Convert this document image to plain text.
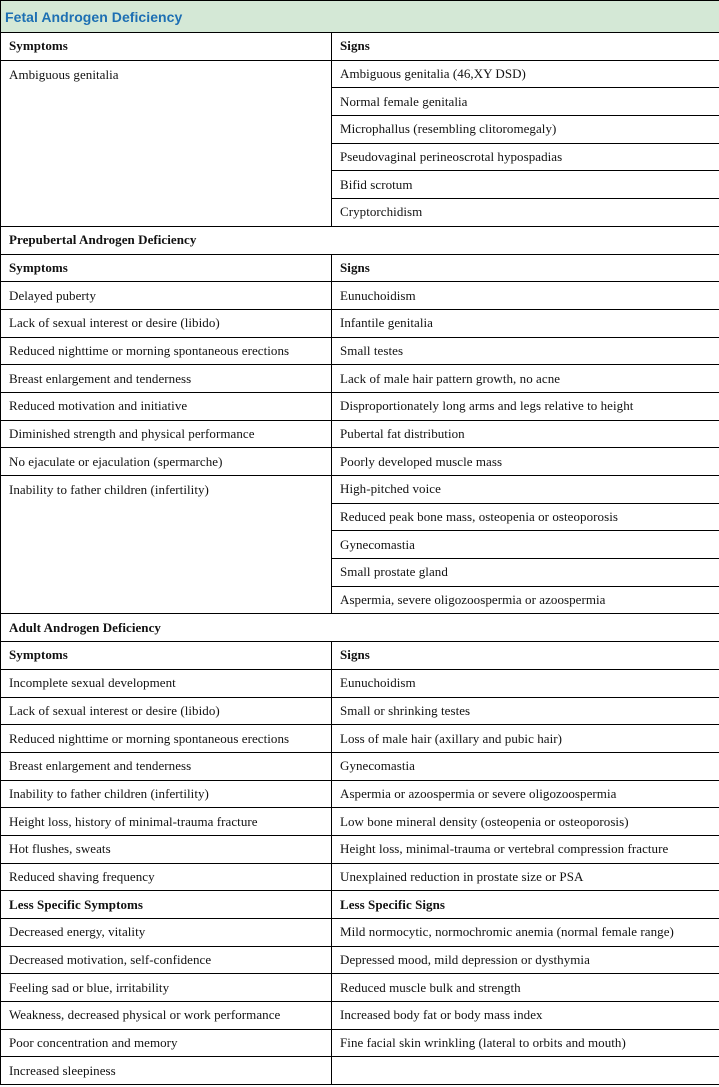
Fetal Androgen Deficiency	
Symptoms	Signs
Ambiguous genitalia	Ambiguous genitalia (46,XY DSD)
	Normal female genitalia
	Microphallus (resembling clitoromegaly)
	Pseudovaginal perineoscrotal hypospadias
	Bifid scrotum
	Cryptorchidism
Prepubertal Androgen Deficiency	
Symptoms	Signs
Delayed puberty	Eunuchoidism
Lack of sexual interest or desire (libido)	Infantile genitalia
Reduced nighttime or morning spontaneous erections	Small testes
Breast enlargement and tenderness	Lack of male hair pattern growth, no acne
Reduced motivation and initiative	Disproportionately long arms and legs relative to height
Diminished strength and physical performance	Pubertal fat distribution
No ejaculate or ejaculation (spermarche)	Poorly developed muscle mass
Inability to father children (infertility)	High-pitched voice
	Reduced peak bone mass, osteopenia or osteoporosis
	Gynecomastia
	Small prostate gland
	Aspermia, severe oligozoospermia or azoospermia
Adult Androgen Deficiency	
Symptoms	Signs
Incomplete sexual development	Eunuchoidism
Lack of sexual interest or desire (libido)	Small or shrinking testes
Reduced nighttime or morning spontaneous erections	Loss of male hair (axillary and pubic hair)
Breast enlargement and tenderness	Gynecomastia
Inability to father children (infertility)	Aspermia or azoospermia or severe oligozoospermia
Height loss, history of minimal-trauma fracture	Low bone mineral density (osteopenia or osteoporosis)
Hot flushes, sweats	Height loss, minimal-trauma or vertebral compression fracture
Reduced shaving frequency	Unexplained reduction in prostate size or PSA
Less Specific Symptoms	Less Specific Signs
Decreased energy, vitality	Mild normocytic, normochromic anemia (normal female range)
Decreased motivation, self-confidence	Depressed mood, mild depression or dysthymia
Feeling sad or blue, irritability	Reduced muscle bulk and strength
Weakness, decreased physical or work performance	Increased body fat or body mass index
Poor concentration and memory	Fine facial skin wrinkling (lateral to orbits and mouth)
Increased sleepiness	
